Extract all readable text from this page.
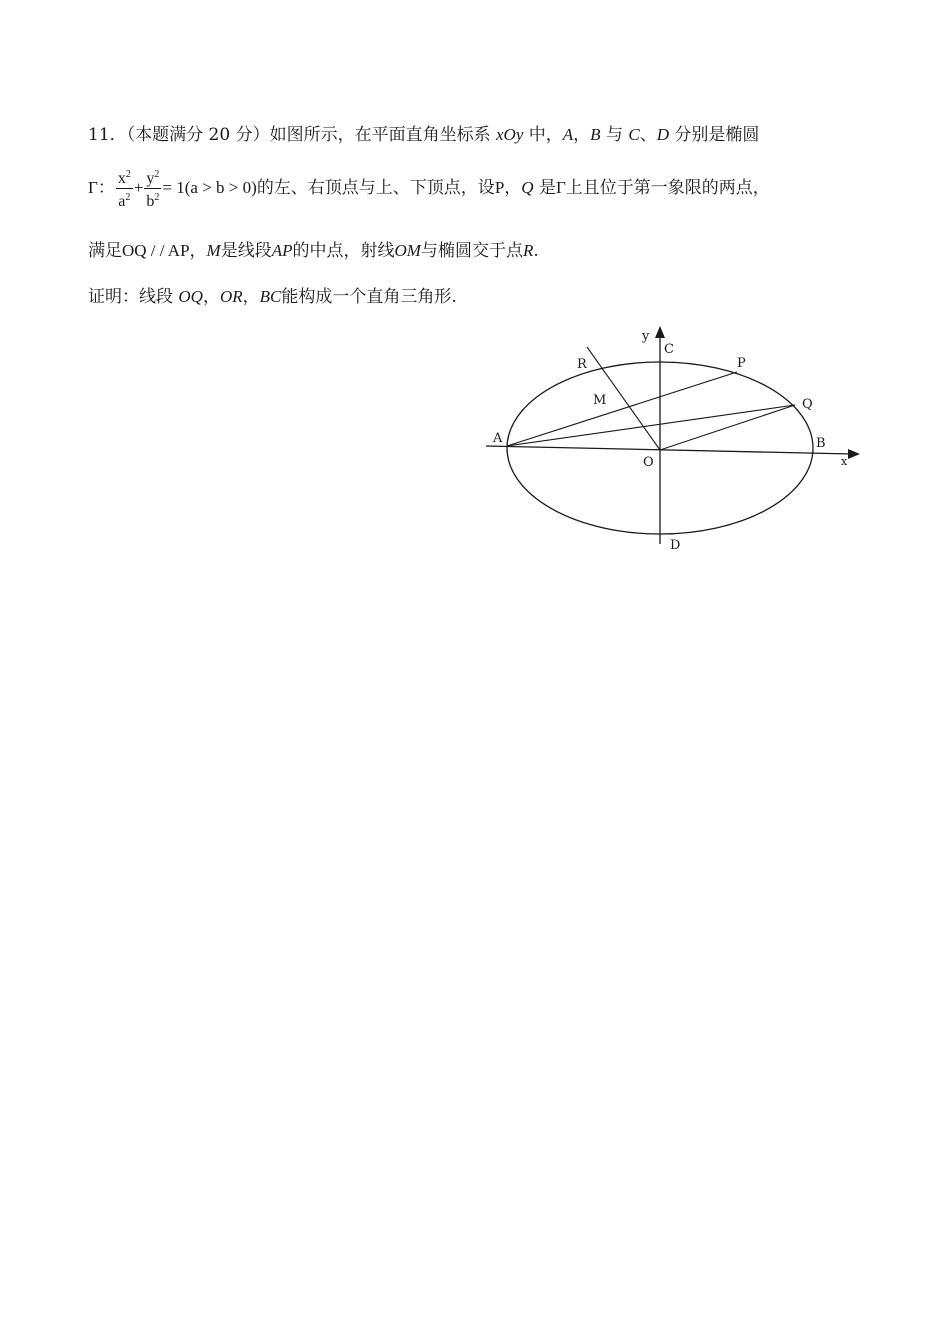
11．（本题满分 20 分）如图所示，在平面直角坐标系 xOy 中，A，B 与 C、D 分别是椭圆
Γ： $\frac{x^2}{a^2} + \frac{y^2}{b^2} = 1(a > b > 0)$的左、右顶点与上、下顶点，设P，Q 是Γ上且位于第一象限的两点，
满足OQ / / AP，M是线段AP的中点，射线OM与椭圆交于点R.
证明：线段 OQ，OR，BC能构成一个直角三角形.
y
C
D
A	B
O	x
P
Q
R
M
